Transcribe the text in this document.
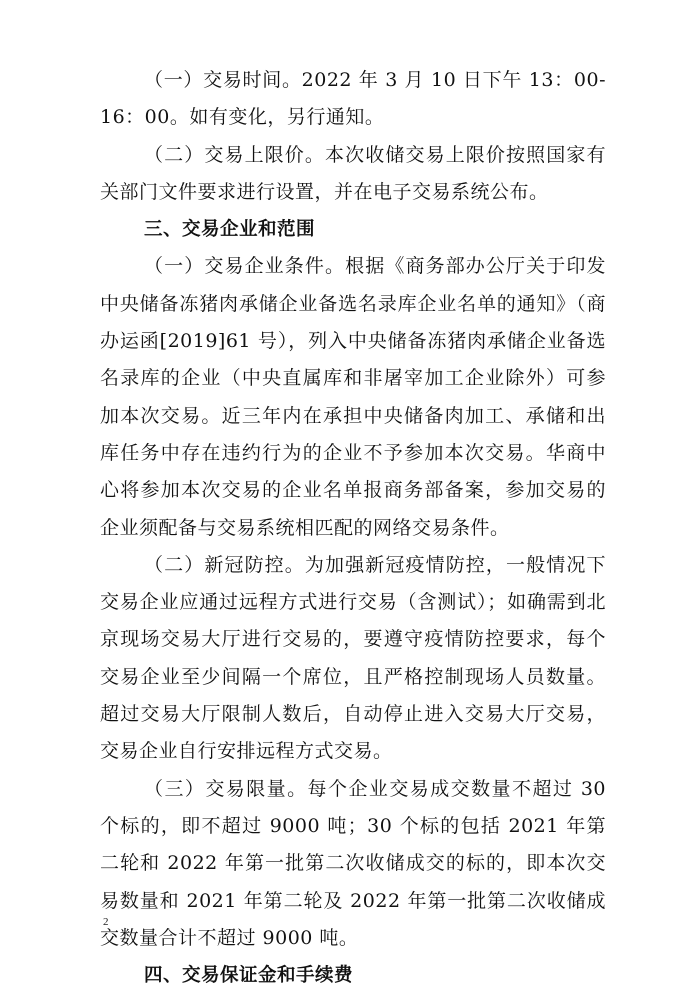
（一）交易时间。2022 年 3 月 10 日下午 13：00-16：00。如有变化，另行通知。

（二）交易上限价。本次收储交易上限价按照国家有关部门文件要求进行设置，并在电子交易系统公布。

三、交易企业和范围

（一）交易企业条件。根据《商务部办公厅关于印发中央储备冻猪肉承储企业备选名录库企业名单的通知》（商办运函[2019]61 号），列入中央储备冻猪肉承储企业备选名录库的企业（中央直属库和非屠宰加工企业除外）可参加本次交易。近三年内在承担中央储备肉加工、承储和出库任务中存在违约行为的企业不予参加本次交易。华商中心将参加本次交易的企业名单报商务部备案，参加交易的企业须配备与交易系统相匹配的网络交易条件。

（二）新冠防控。为加强新冠疫情防控，一般情况下交易企业应通过远程方式进行交易（含测试）；如确需到北京现场交易大厅进行交易的，要遵守疫情防控要求，每个交易企业至少间隔一个席位，且严格控制现场人员数量。超过交易大厅限制人数后，自动停止进入交易大厅交易，交易企业自行安排远程方式交易。

（三）交易限量。每个企业交易成交数量不超过 30 个标的，即不超过 9000 吨；30 个标的包括 2021 年第二轮和 2022 年第一批第二次收储成交的标的，即本次交易数量和 2021 年第二轮及 2022 年第一批第二次收储成交数量合计不超过 9000 吨。

四、交易保证金和手续费

2
